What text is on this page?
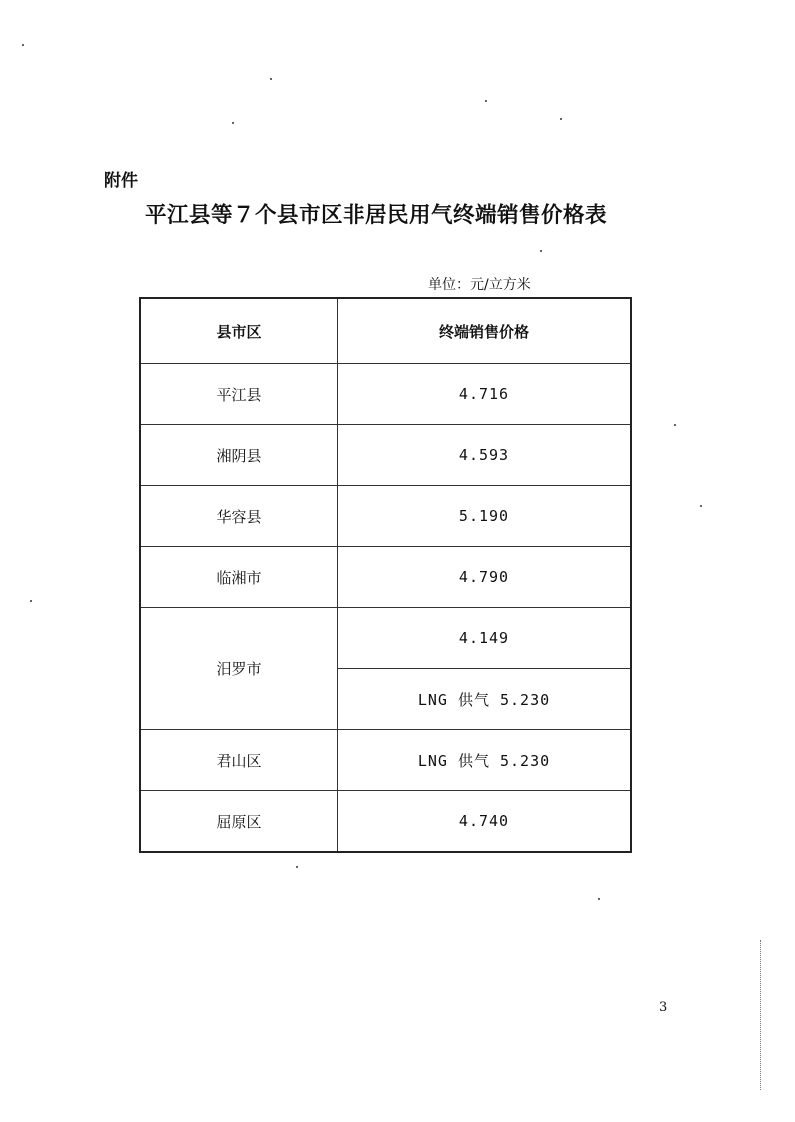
附件
平江县等７个县市区非居民用气终端销售价格表
单位：元/立方米
县市区	终端销售价格
平江县	4.716
湘阴县	4.593
华容县	5.190
临湘市	4.790
汨罗市	4.149
	LNG 供气 5.230
君山区	LNG 供气 5.230
屈原区	4.740
3
